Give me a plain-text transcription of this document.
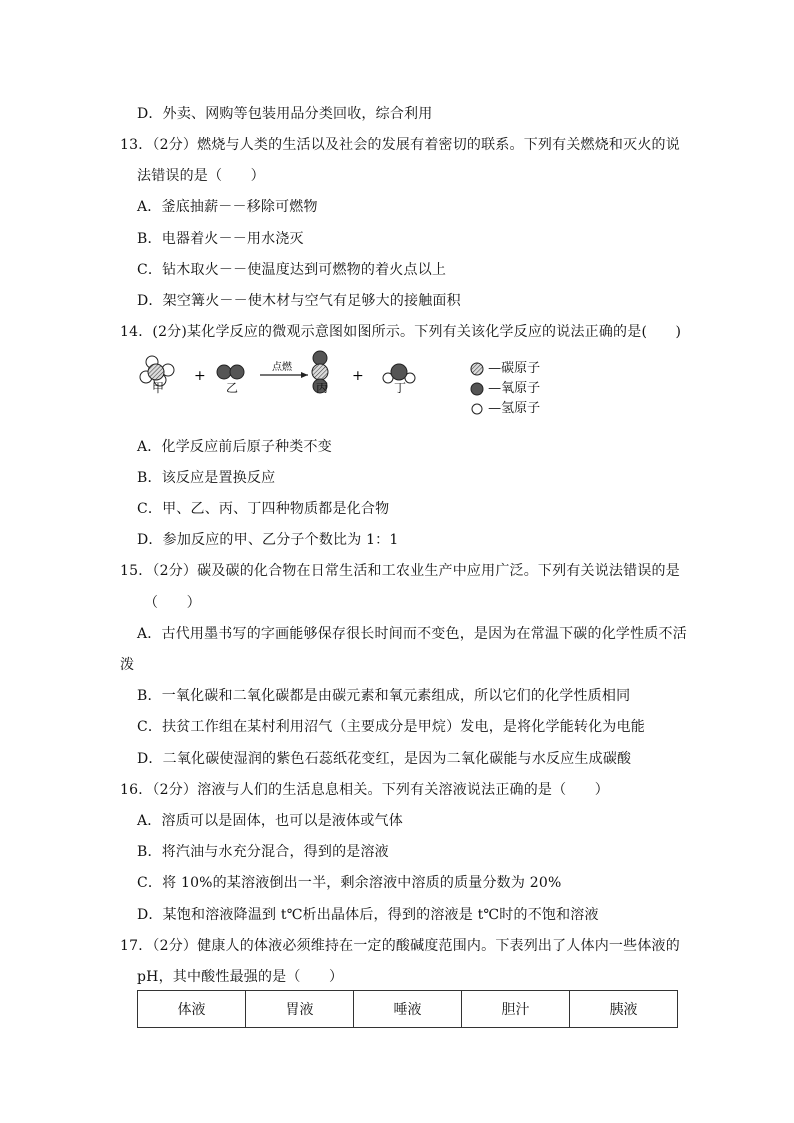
D．外卖、网购等包装用品分类回收，综合利用
13．（2分）燃烧与人类的生活以及社会的发展有着密切的联系。下列有关燃烧和灭火的说
法错误的是（　　）
A．釜底抽薪－－移除可燃物
B．电器着火－－用水浇灭
C．钻木取火－－使温度达到可燃物的着火点以上
D．架空篝火－－使木材与空气有足够大的接触面积
14．(2分)某化学反应的微观示意图如图所示。下列有关该化学反应的说法正确的是(　　)
+
点燃
+
甲	乙	丙	丁
—碳原子
—氧原子
—氢原子
A．化学反应前后原子种类不变
B．该反应是置换反应
C．甲、乙、丙、丁四种物质都是化合物
D．参加反应的甲、乙分子个数比为 1：1
15．（2分）碳及碳的化合物在日常生活和工农业生产中应用广泛。下列有关说法错误的是
（　　）
A．古代用墨书写的字画能够保存很长时间而不变色，是因为在常温下碳的化学性质不活
泼
B．一氧化碳和二氧化碳都是由碳元素和氧元素组成，所以它们的化学性质相同
C．扶贫工作组在某村利用沼气（主要成分是甲烷）发电，是将化学能转化为电能
D．二氧化碳使湿润的紫色石蕊纸花变红，是因为二氧化碳能与水反应生成碳酸
16．（2分）溶液与人们的生活息息相关。下列有关溶液说法正确的是（　　）
A．溶质可以是固体，也可以是液体或气体
B．将汽油与水充分混合，得到的是溶液
C．将 10%的某溶液倒出一半，剩余溶液中溶质的质量分数为 20%
D．某饱和溶液降温到 t℃析出晶体后，得到的溶液是 t℃时的不饱和溶液
17．（2分）健康人的体液必须维持在一定的酸碱度范围内。下表列出了人体内一些体液的
pH，其中酸性最强的是（　　）
体液	胃液	唾液	胆汁	胰液
